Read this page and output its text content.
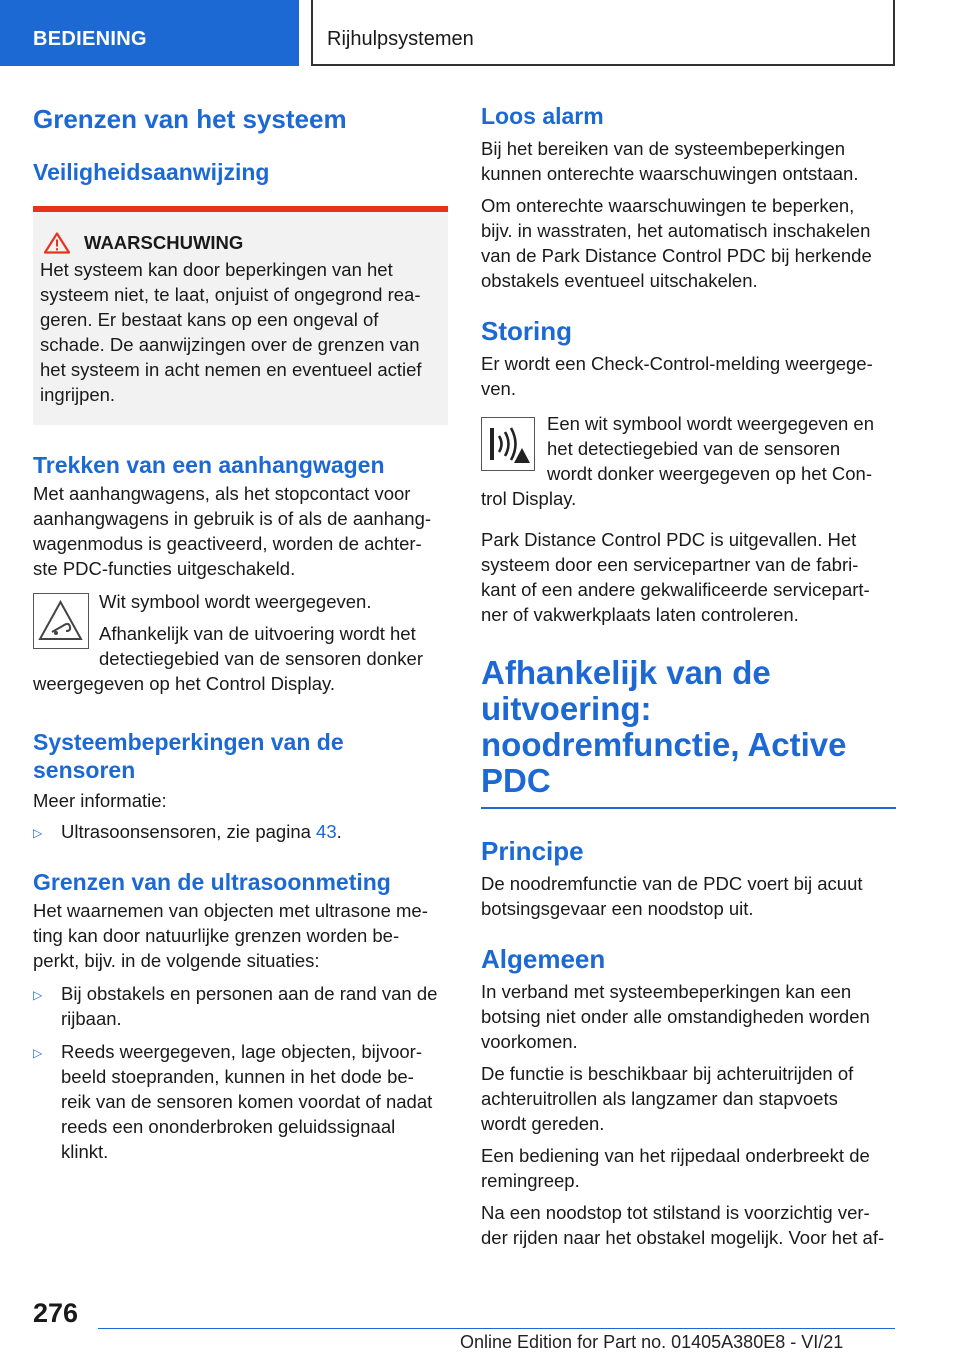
BEDIENING	Rijhulpsystemen
Grenzen van het systeem
Veiligheidsaanwijzing
WAARSCHUWING
Het systeem kan door beperkingen van het
systeem niet, te laat, onjuist of ongegrond rea-
geren. Er bestaat kans op een ongeval of
schade. De aanwijzingen over de grenzen van
het systeem in acht nemen en eventueel actief
ingrijpen.
Trekken van een aanhangwagen
Met aanhangwagens, als het stopcontact voor
aanhangwagens in gebruik is of als de aanhang-
wagenmodus is geactiveerd, worden de achter-
ste PDC-functies uitgeschakeld.
Wit symbool wordt weergegeven.
Afhankelijk van de uitvoering wordt het
detectiegebied van de sensoren donker
weergegeven op het Control Display.
Systeembeperkingen van de
sensoren
Meer informatie:
▷	Ultrasoonsensoren, zie pagina 43.
Grenzen van de ultrasoonmeting
Het waarnemen van objecten met ultrasone me-
ting kan door natuurlijke grenzen worden be-
perkt, bijv. in de volgende situaties:
▷	Bij obstakels en personen aan de rand van de
rijbaan.
▷	Reeds weergegeven, lage objecten, bijvoor-
beeld stoepranden, kunnen in het dode be-
reik van de sensoren komen voordat of nadat
reeds een ononderbroken geluidssignaal
klinkt.
Loos alarm
Bij het bereiken van de systeembeperkingen
kunnen onterechte waarschuwingen ontstaan.
Om onterechte waarschuwingen te beperken,
bijv. in wasstraten, het automatisch inschakelen
van de Park Distance Control PDC bij herkende
obstakels eventueel uitschakelen.
Storing
Er wordt een Check-Control-melding weergege-
ven.
Een wit symbool wordt weergegeven en
het detectiegebied van de sensoren
wordt donker weergegeven op het Con-
trol Display.
Park Distance Control PDC is uitgevallen. Het
systeem door een servicepartner van de fabri-
kant of een andere gekwalificeerde servicepart-
ner of vakwerkplaats laten controleren.
Afhankelijk van de
uitvoering:
noodremfunctie, Active
PDC
Principe
De noodremfunctie van de PDC voert bij acuut
botsingsgevaar een noodstop uit.
Algemeen
In verband met systeembeperkingen kan een
botsing niet onder alle omstandigheden worden
voorkomen.
De functie is beschikbaar bij achteruitrijden of
achteruitrollen als langzamer dan stapvoets
wordt gereden.
Een bediening van het rijpedaal onderbreekt de
remingreep.
Na een noodstop tot stilstand is voorzichtig ver-
der rijden naar het obstakel mogelijk. Voor het af-
276
Online Edition for Part no. 01405A380E8 - VI/21
